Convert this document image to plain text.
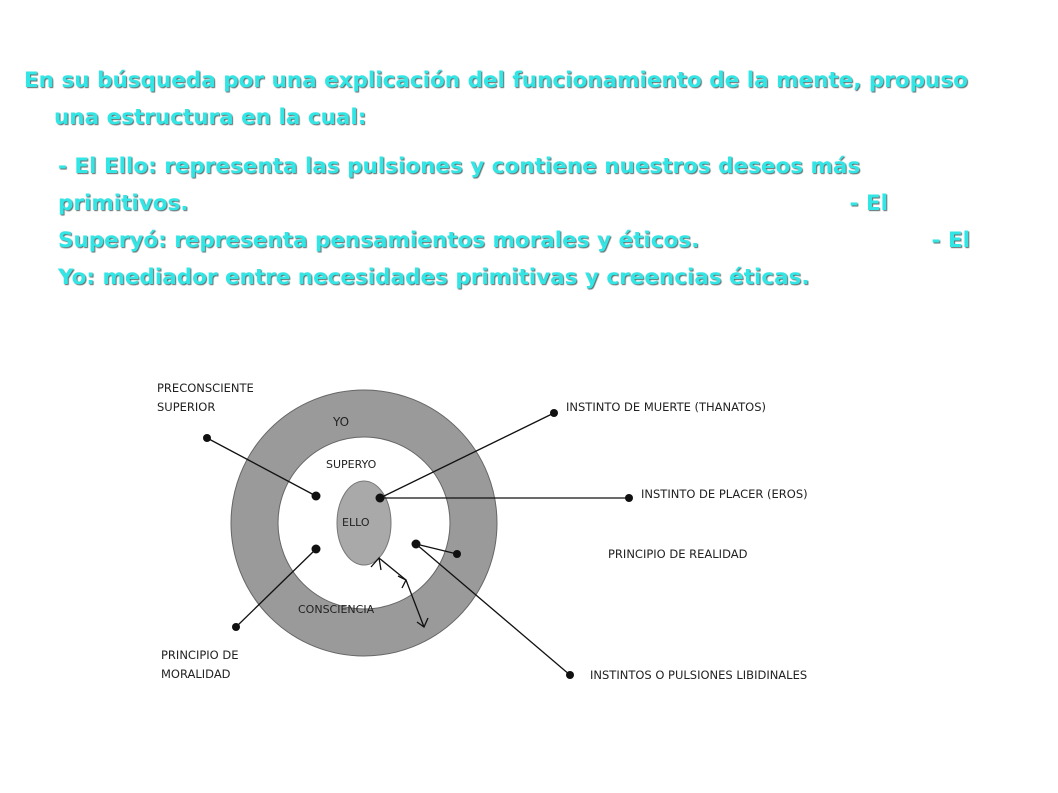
En su búsqueda por una explicación del funcionamiento de la mente, propuso
una estructura en la cual:

- El Ello: representa las pulsiones y contiene nuestros deseos más
primitivos.	- El
Superyó: representa pensamientos morales y éticos.	- El
Yo: mediador entre necesidades primitivas y creencias éticas.
YO
SUPERYO
ELLO
CONSCIENCIA
PRECONSCIENTE
SUPERIOR	INSTINTO DE MUERTE (THANATOS)
INSTINTO DE PLACER (EROS)
PRINCIPIO DE REALIDAD
INSTINTOS O PULSIONES LIBIDINALES
PRINCIPIO DE
MORALIDAD
